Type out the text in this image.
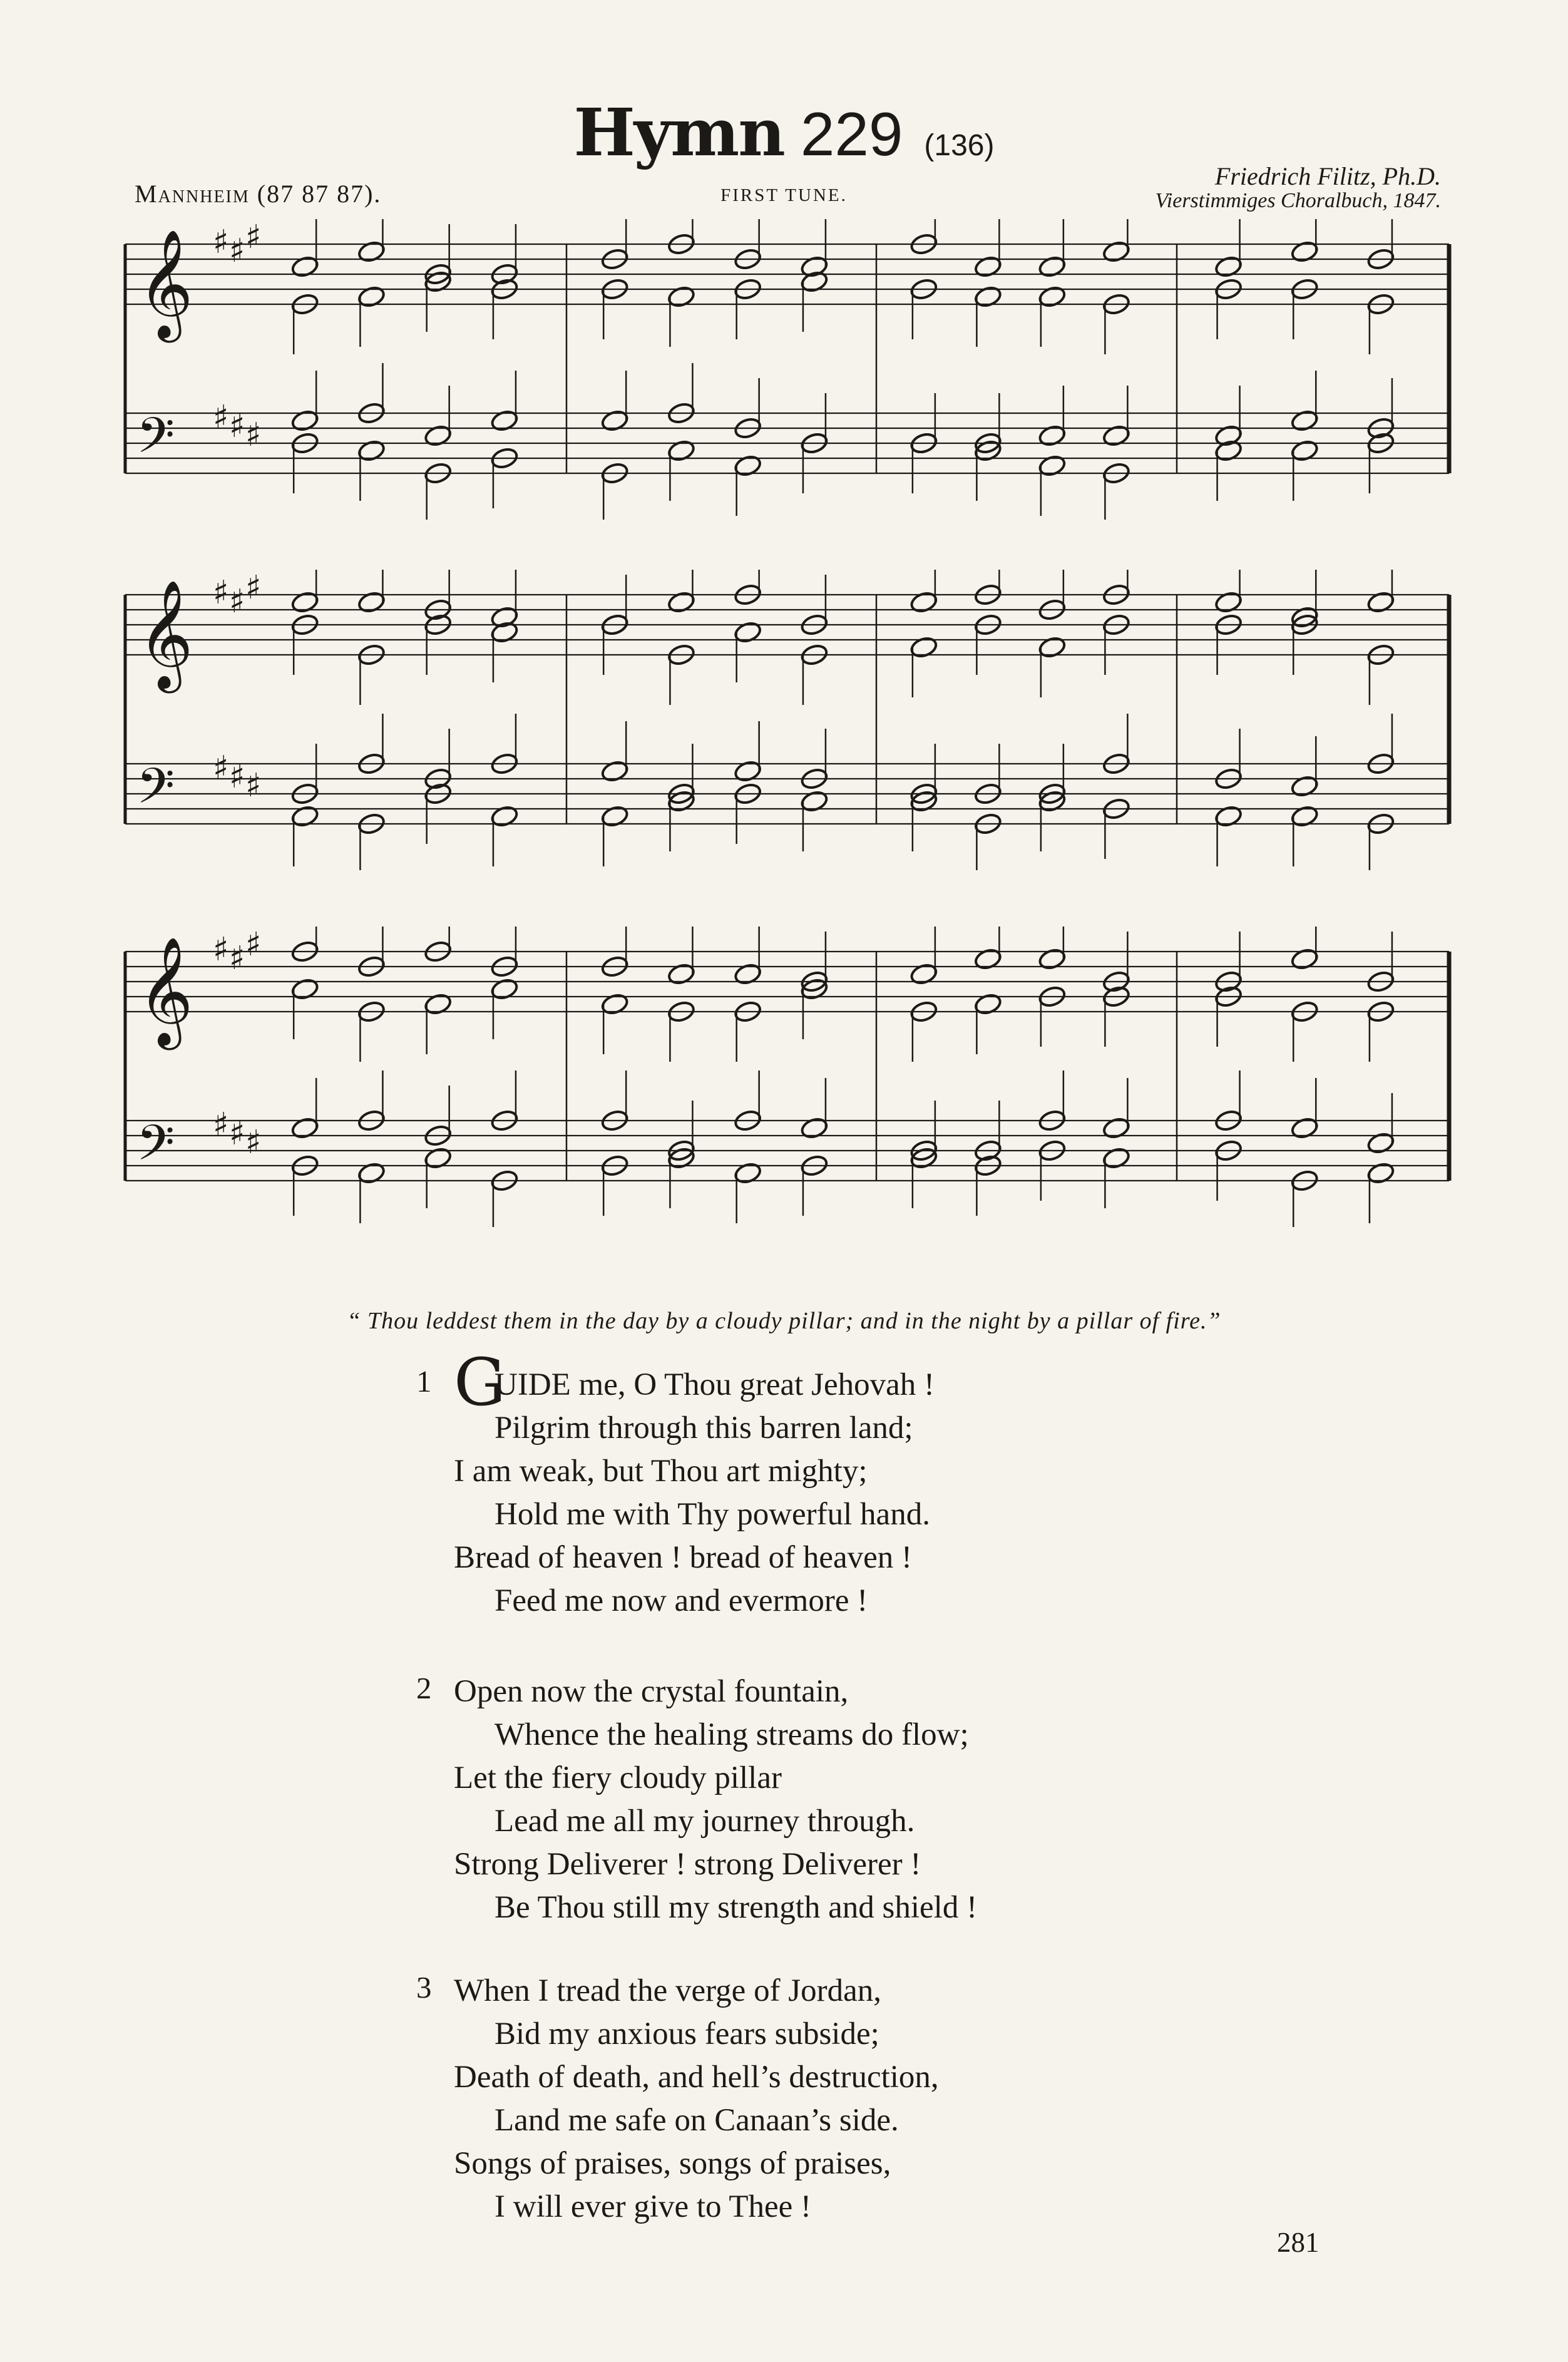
Hymn 229 (136)
Mannheim (87 87 87).	FIRST TUNE.
Friedrich Filitz, Ph.D.
Vierstimmiges Choralbuch, 1847.
𝄞
𝄢
♯ ♯ ♯
♯ ♯ ♯
𝄞
𝄢
♯ ♯ ♯
♯ ♯ ♯
𝄞
𝄢
♯ ♯ ♯
♯ ♯ ♯
“ Thou leddest them in the day by a cloudy pillar; and in the night by a pillar of fire.”
1 GUIDE me, O Thou great Jehovah !
Pilgrim through this barren land;
I am weak, but Thou art mighty;
Hold me with Thy powerful hand.
Bread of heaven ! bread of heaven !
Feed me now and evermore !
2 Open now the crystal fountain,
Whence the healing streams do flow;
Let the fiery cloudy pillar
Lead me all my journey through.
Strong Deliverer ! strong Deliverer !
Be Thou still my strength and shield !
3 When I tread the verge of Jordan,
Bid my anxious fears subside;
Death of death, and hell’s destruction,
Land me safe on Canaan’s side.
Songs of praises, songs of praises,
I will ever give to Thee !
281
